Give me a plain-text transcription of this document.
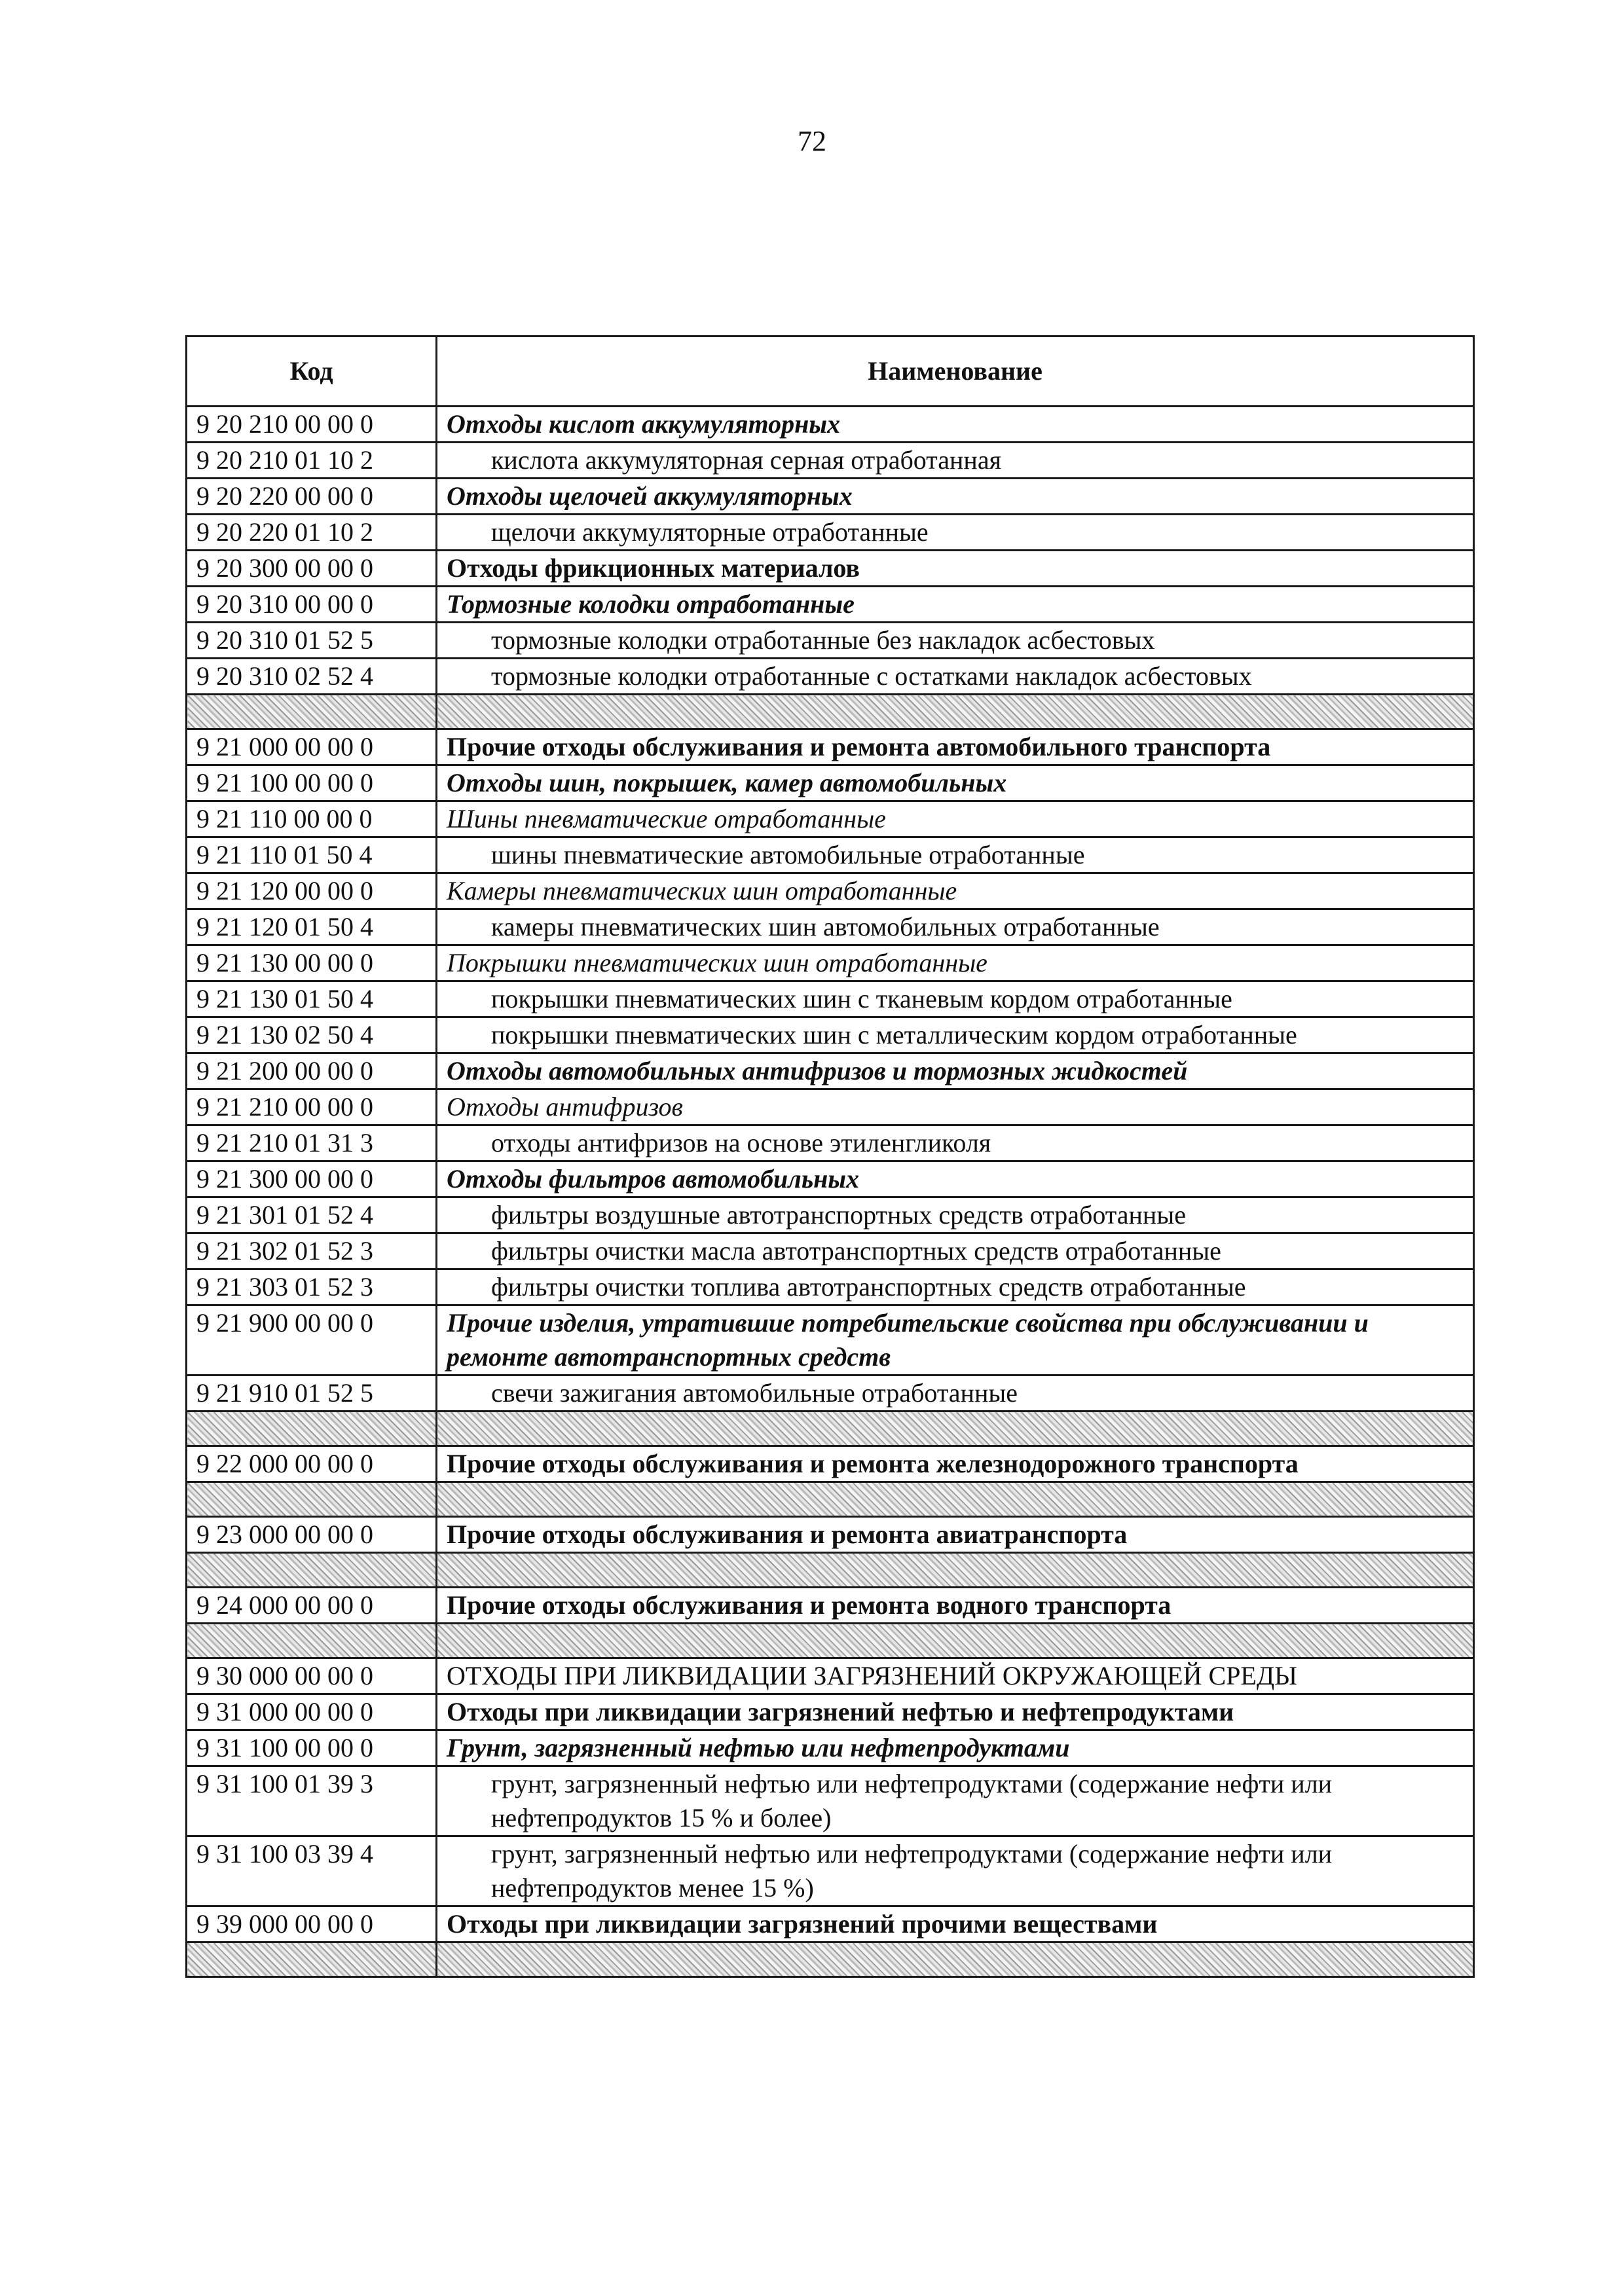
72
Код	Наименование
9 20 210 00 00 0	Отходы кислот аккумуляторных
9 20 210 01 10 2	кислота аккумуляторная серная отработанная
9 20 220 00 00 0	Отходы щелочей аккумуляторных
9 20 220 01 10 2	щелочи аккумуляторные отработанные
9 20 300 00 00 0	Отходы фрикционных материалов
9 20 310 00 00 0	Тормозные колодки отработанные
9 20 310 01 52 5	тормозные колодки отработанные без накладок асбестовых
9 20 310 02 52 4	тормозные колодки отработанные с остатками накладок асбестовых

9 21 000 00 00 0	Прочие отходы обслуживания и ремонта автомобильного транспорта
9 21 100 00 00 0	Отходы шин, покрышек, камер автомобильных
9 21 110 00 00 0	Шины пневматические отработанные
9 21 110 01 50 4	шины пневматические автомобильные отработанные
9 21 120 00 00 0	Камеры пневматических шин отработанные
9 21 120 01 50 4	камеры пневматических шин автомобильных отработанные
9 21 130 00 00 0	Покрышки пневматических шин отработанные
9 21 130 01 50 4	покрышки пневматических шин с тканевым кордом отработанные
9 21 130 02 50 4	покрышки пневматических шин с металлическим кордом отработанные
9 21 200 00 00 0	Отходы автомобильных антифризов и тормозных жидкостей
9 21 210 00 00 0	Отходы антифризов
9 21 210 01 31 3	отходы антифризов на основе этиленгликоля
9 21 300 00 00 0	Отходы фильтров автомобильных
9 21 301 01 52 4	фильтры воздушные автотранспортных средств отработанные
9 21 302 01 52 3	фильтры очистки масла автотранспортных средств отработанные
9 21 303 01 52 3	фильтры очистки топлива автотранспортных средств отработанные
9 21 900 00 00 0	Прочие изделия, утратившие потребительские свойства при обслуживании и ремонте автотранспортных средств
9 21 910 01 52 5	свечи зажигания автомобильные отработанные

9 22 000 00 00 0	Прочие отходы обслуживания и ремонта железнодорожного транспорта

9 23 000 00 00 0	Прочие отходы обслуживания и ремонта авиатранспорта

9 24 000 00 00 0	Прочие отходы обслуживания и ремонта водного транспорта

9 30 000 00 00 0	ОТХОДЫ ПРИ ЛИКВИДАЦИИ ЗАГРЯЗНЕНИЙ ОКРУЖАЮЩЕЙ СРЕДЫ
9 31 000 00 00 0	Отходы при ликвидации загрязнений нефтью и нефтепродуктами
9 31 100 00 00 0	Грунт, загрязненный нефтью или нефтепродуктами
9 31 100 01 39 3	грунт, загрязненный нефтью или нефтепродуктами (содержание нефти или нефтепродуктов 15 % и более)
9 31 100 03 39 4	грунт, загрязненный нефтью или нефтепродуктами (содержание нефти или нефтепродуктов менее 15 %)
9 39 000 00 00 0	Отходы при ликвидации загрязнений прочими веществами
